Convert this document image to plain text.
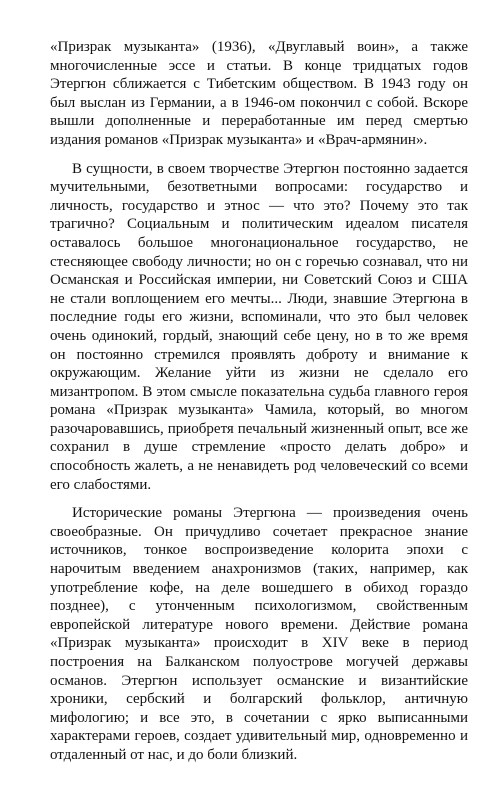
«Призрак музыканта» (1936), «Двуглавый воин», а также многочисленные эссе и статьи. В конце тридцатых годов Этергюн сближается с Тибетским обществом. В 1943 году он был выслан из Германии, а в 1946-ом покончил с собой. Вскоре вышли дополненные и переработанные им перед смертью издания романов «Призрак музыканта» и «Врач-армянин».

В сущности, в своем творчестве Этергюн постоянно задается мучительными, безответными вопросами: государство и личность, государство и этнос — что это? Почему это так трагично? Социальным и политическим идеалом писателя оставалось большое многонациональное государство, не стесняющее свободу личности; но он с горечью сознавал, что ни Османская и Российская империи, ни Советский Союз и США не стали воплощением его мечты... Люди, знавшие Этергюна в последние годы его жизни, вспоминали, что это был человек очень одинокий, гордый, знающий себе цену, но в то же время он постоянно стремился проявлять доброту и внимание к окружающим. Желание уйти из жизни не сделало его мизантропом. В этом смысле показательна судьба главного героя романа «Призрак музыканта» Чамила, который, во многом разочаровавшись, приобретя печальный жизненный опыт, все же сохранил в душе стремление «просто делать добро» и способность жалеть, а не ненавидеть род человеческий со всеми его слабостями.

Исторические романы Этергюна — произведения очень своеобразные. Он причудливо сочетает прекрасное знание источников, тонкое воспроизведение колорита эпохи с нарочитым введением анахронизмов (таких, например, как употребление кофе, на деле вошедшего в обиход гораздо позднее), с утонченным психологизмом, свойственным европейской литературе нового времени. Действие романа «Призрак музыканта» происходит в XIV веке в период построения на Балканском полуострове могучей державы османов. Этергюн использует османские и византийские хроники, сербский и болгарский фольклор, античную мифологию; и все это, в сочетании с ярко выписанными характерами героев, создает удивительный мир, одновременно и отдаленный от нас, и до боли близкий.
